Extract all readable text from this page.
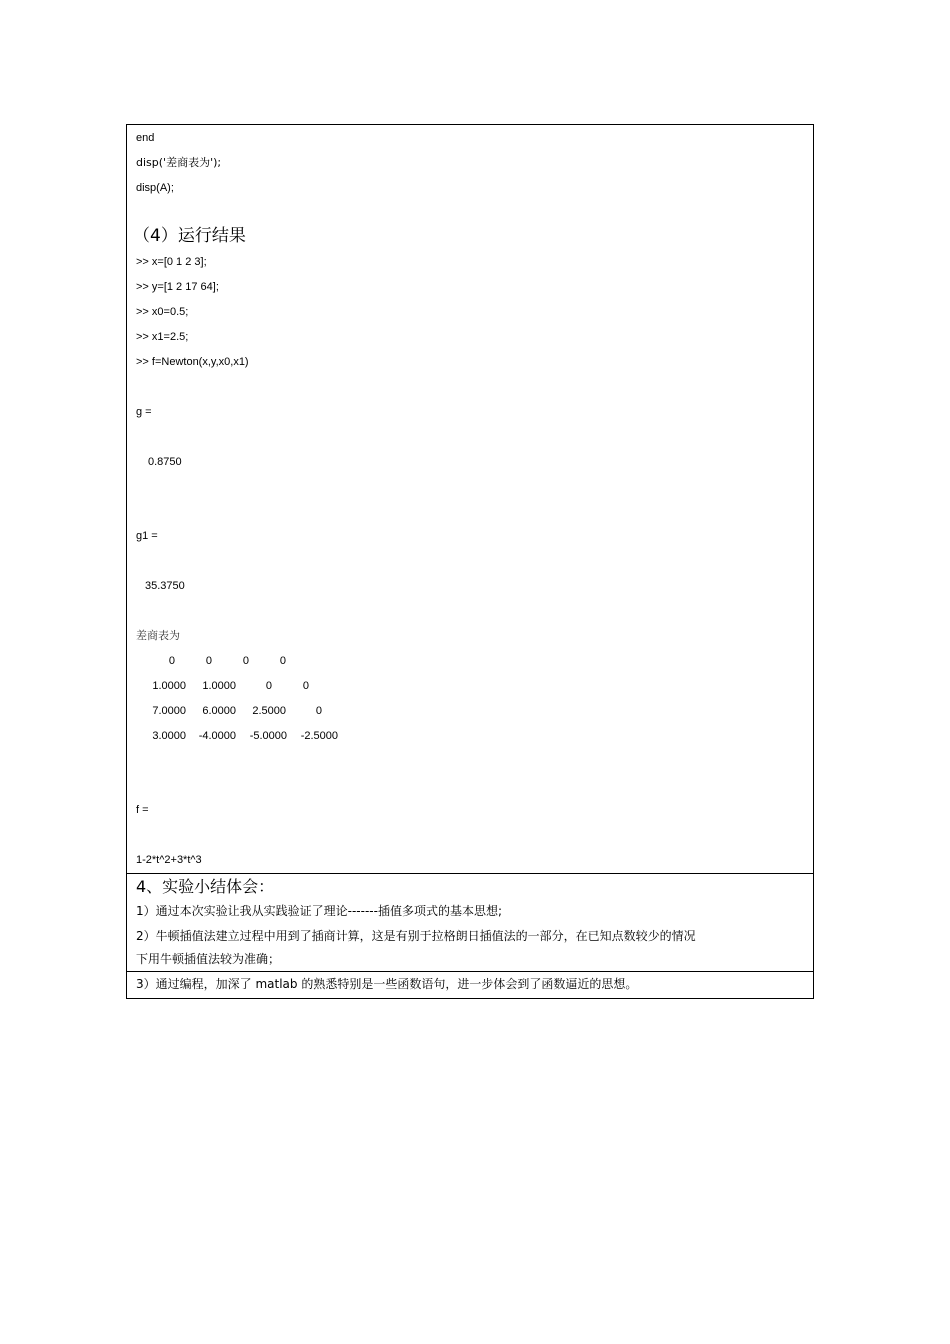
end
disp('差商表为');
disp(A);
（4）运行结果
>> x=[0 1 2 3];
>> y=[1 2 17 64];
>> x0=0.5;
>> x1=2.5;
>> f=Newton(x,y,x0,x1)
g =
0.8750
g1 =
35.3750
差商表为
0	0	0	0
1.0000	1.0000	0	0
7.0000	6.0000	2.5000	0
3.0000	-4.0000	-5.0000	-2.5000
f =
1-2*t^2+3*t^3
4、实验小结体会：
1）通过本次实验让我从实践验证了理论-------插值多项式的基本思想;
2）牛顿插值法建立过程中用到了插商计算，这是有别于拉格朗日插值法的一部分，在已知点数较少的情况
下用牛顿插值法较为准确；
3）通过编程，加深了 matlab 的熟悉特别是一些函数语句，进一步体会到了函数逼近的思想。
